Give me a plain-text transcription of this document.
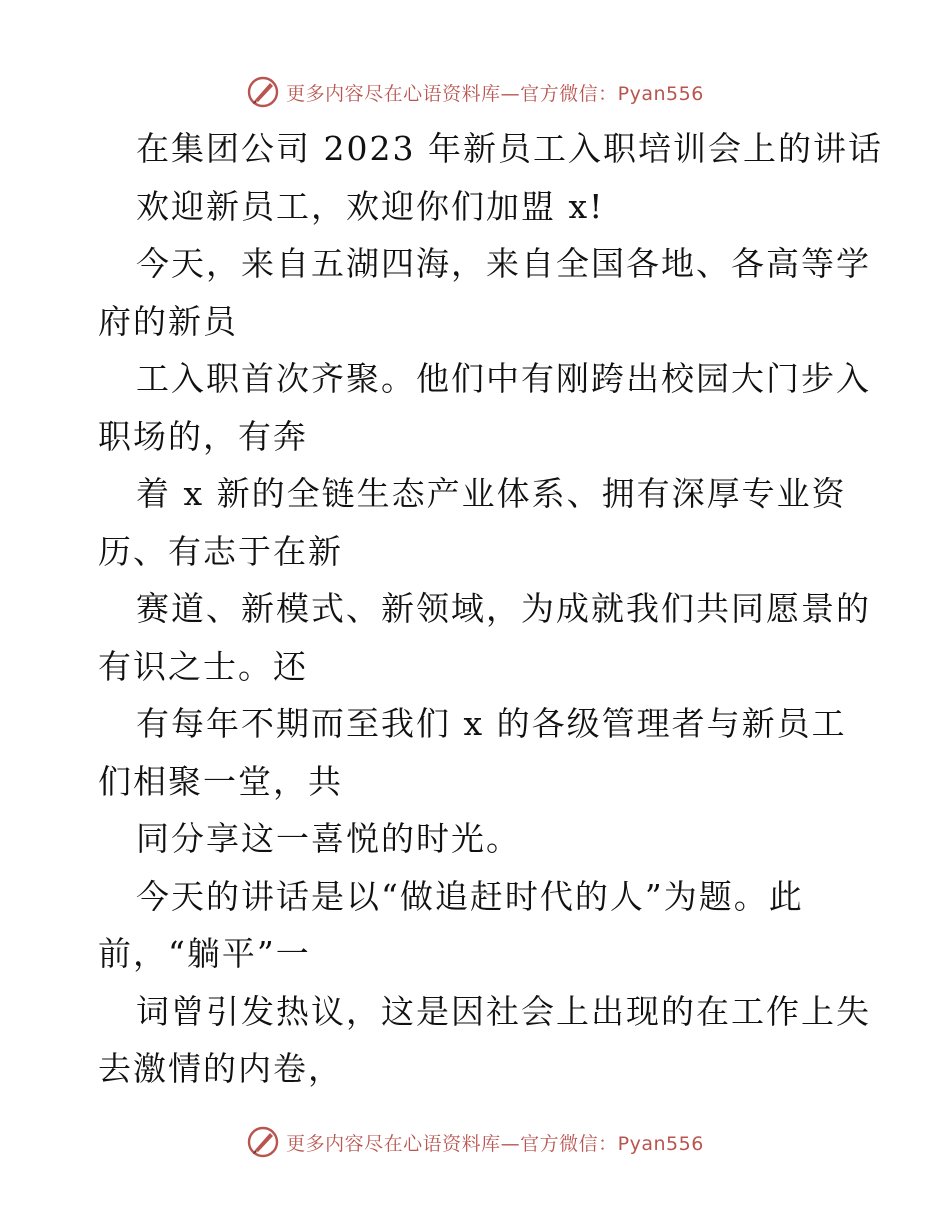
更多内容尽在心语资料库—官方微信：Pyan556
在集团公司 2023 年新员工入职培训会上的讲话
欢迎新员工，欢迎你们加盟 x!
今天，来自五湖四海，来自全国各地、各高等学
府的新员
工入职首次齐聚。他们中有刚跨出校园大门步入
职场的，有奔
着 x 新的全链生态产业体系、拥有深厚专业资
历、有志于在新
赛道、新模式、新领域，为成就我们共同愿景的
有识之士。还
有每年不期而至我们 x 的各级管理者与新员工
们相聚一堂，共
同分享这一喜悦的时光。
今天的讲话是以“做追赶时代的人”为题。此
前，“躺平”一
词曾引发热议，这是因社会上出现的在工作上失
去激情的内卷，
更多内容尽在心语资料库—官方微信：Pyan556
